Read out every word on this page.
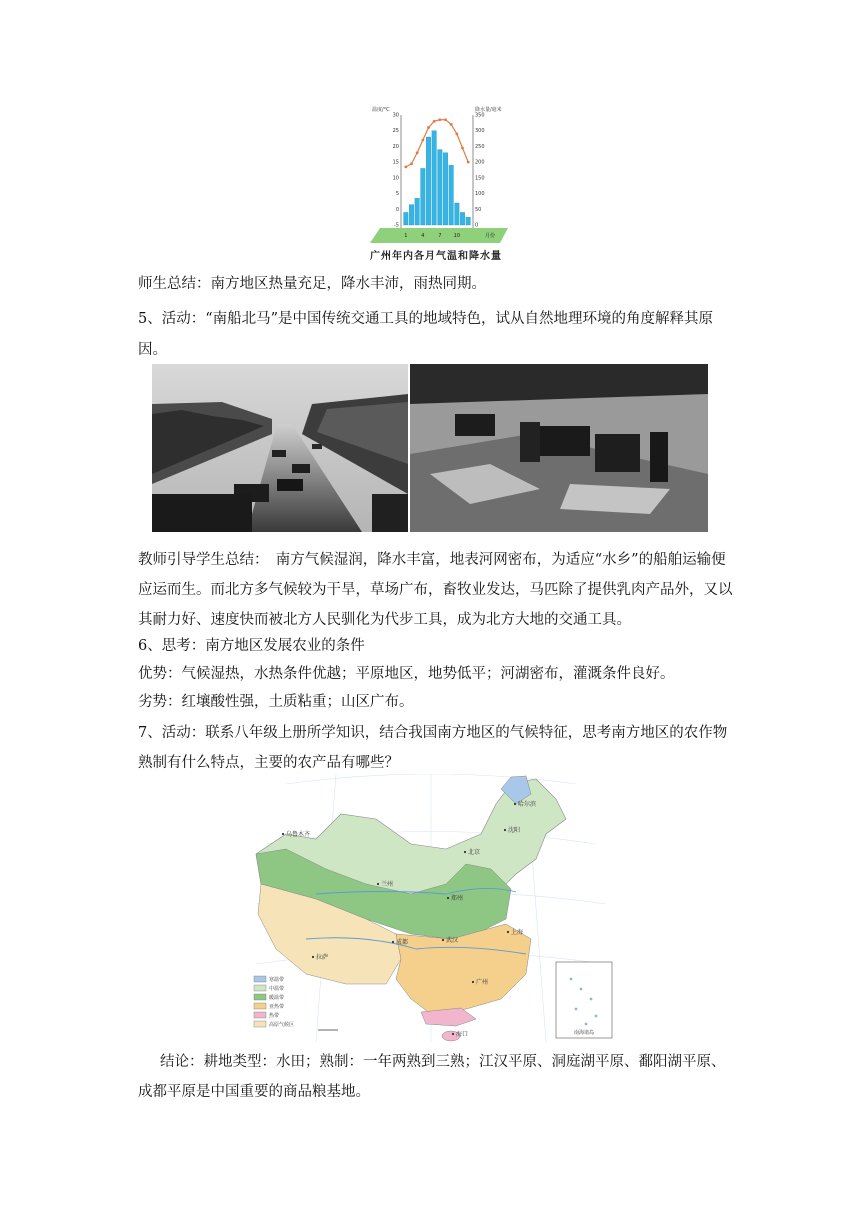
温度/°C	降水量/毫米
30
25
20
15
10
5
0
-5
350
300
250
200
150
100
50
0
1	4	7 10	月份
广州年内各月气温和降水量

师生总结：南方地区热量充足，降水丰沛，雨热同期。

5、活动：“南船北马”是中国传统交通工具的地域特色，试从自然地理环境的角度解释其原因。

教师引导学生总结：　南方气候湿润，降水丰富，地表河网密布，为适应“水乡”的船舶运输便应运而生。而北方多气候较为干旱，草场广布，畜牧业发达，马匹除了提供乳肉产品外，又以其耐力好、速度快而被北方人民驯化为代步工具，成为北方大地的交通工具。

6、思考：南方地区发展农业的条件

优势：气候湿热，水热条件优越；平原地区，地势低平；河湖密布，灌溉条件良好。

劣势：红壤酸性强，土质粘重；山区广布。

7、活动：联系八年级上册所学知识，结合我国南方地区的气候特征，思考南方地区的农作物熟制有什么特点，主要的农产品有哪些？

哈尔滨
沈阳
乌鲁木齐
北京
兰州
郑州
成都	武汉
拉萨
上海
广州
海口
寒温带
中温带
暖温带
亚热带
热带
高原气候区
南海诸岛

结论：耕地类型：水田；熟制：一年两熟到三熟；江汉平原、洞庭湖平原、鄱阳湖平原、成都平原是中国重要的商品粮基地。
